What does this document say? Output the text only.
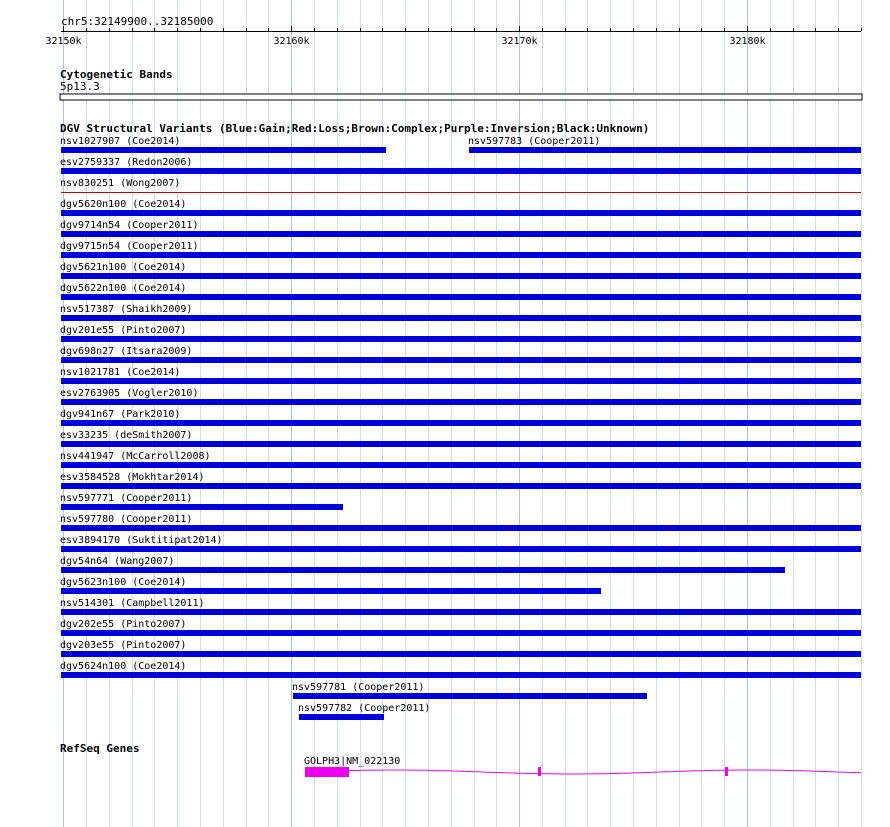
chr5:32149900..32185000
32150k	32160k	32170k	32180k
Cytogenetic Bands
5p13.3
DGV Structural Variants (Blue:Gain;Red:Loss;Brown:Complex;Purple:Inversion;Black:Unknown)
nsv1027907 (Coe2014)	nsv597783 (Cooper2011)
esv2759337 (Redon2006)
nsv830251 (Wong2007)
dgv5620n100 (Coe2014)
dgv9714n54 (Cooper2011)
dgv9715n54 (Cooper2011)
dgv5621n100 (Coe2014)
dgv5622n100 (Coe2014)
nsv517387 (Shaikh2009)
dgv201e55 (Pinto2007)
dgv698n27 (Itsara2009)
nsv1021781 (Coe2014)
esv2763905 (Vogler2010)
dgv941n67 (Park2010)
esv33235 (deSmith2007)
nsv441947 (McCarroll2008)
esv3584528 (Mokhtar2014)
nsv597771 (Cooper2011)
nsv597780 (Cooper2011)
esv3894170 (Suktitipat2014)
dgv54n64 (Wang2007)
dgv5623n100 (Coe2014)
nsv514301 (Campbell2011)
dgv202e55 (Pinto2007)
dgv203e55 (Pinto2007)
dgv5624n100 (Coe2014)
nsv597781 (Cooper2011)
nsv597782 (Cooper2011)
RefSeq Genes
GOLPH3|NM_022130
